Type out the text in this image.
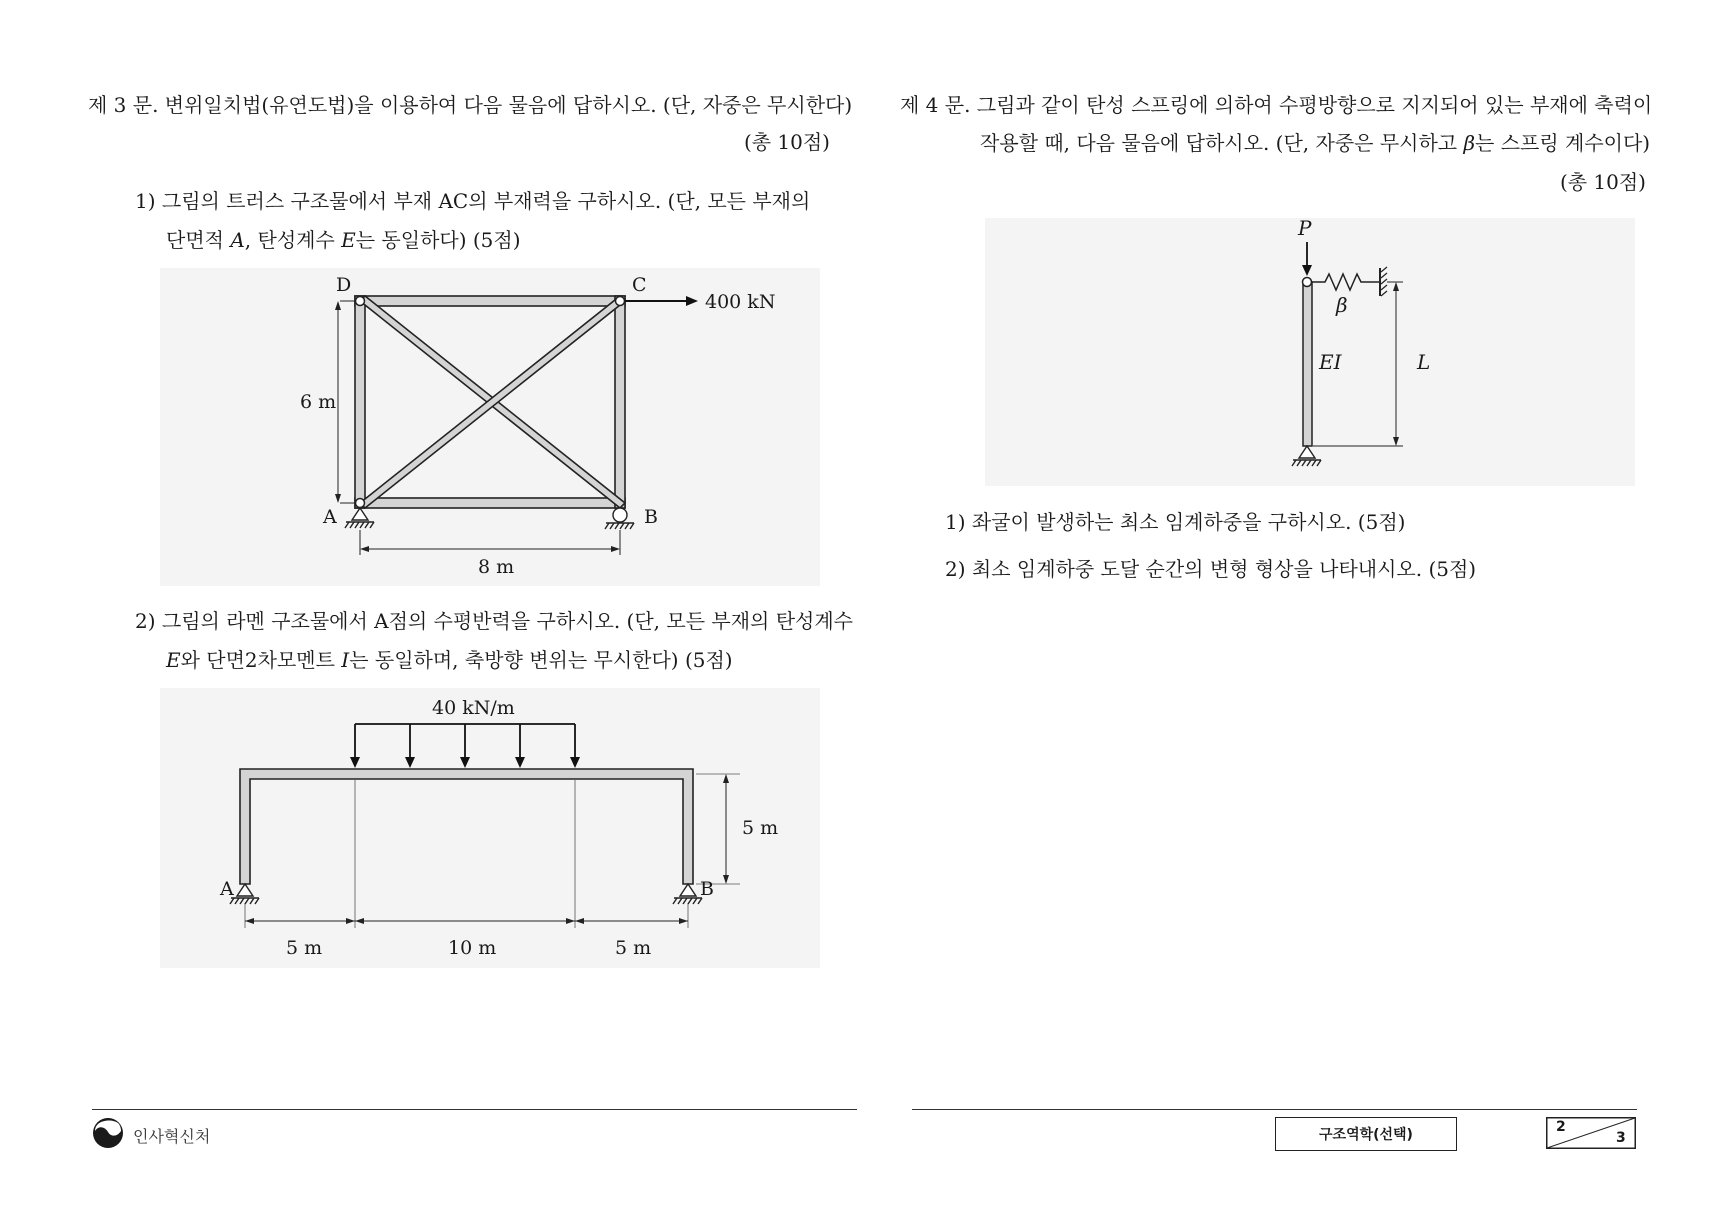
제 3 문. 변위일치법(유연도법)을 이용하여 다음 물음에 답하시오. (단, 자중은 무시한다)
(총 10점)
1) 그림의 트러스 구조물에서 부재 AC의 부재력을 구하시오. (단, 모든 부재의
단면적 A, 탄성계수 E는 동일하다) (5점)
D	C
A	B
400 kN
6 m
8 m
2) 그림의 라멘 구조물에서 A점의 수평반력을 구하시오. (단, 모든 부재의 탄성계수
E와 단면2차모멘트 I는 동일하며, 축방향 변위는 무시한다) (5점)
40 kN/m
A	B
5 m
5 m	10 m	5 m
제 4 문. 그림과 같이 탄성 스프링에 의하여 수평방향으로 지지되어 있는 부재에 축력이
작용할 때, 다음 물음에 답하시오. (단, 자중은 무시하고 β는 스프링 계수이다)
(총 10점)
P
β
EI	L
1) 좌굴이 발생하는 최소 임계하중을 구하시오. (5점)
2) 최소 임계하중 도달 순간의 변형 형상을 나타내시오. (5점)
인사혁신처	구조역학(선택)	2
3
